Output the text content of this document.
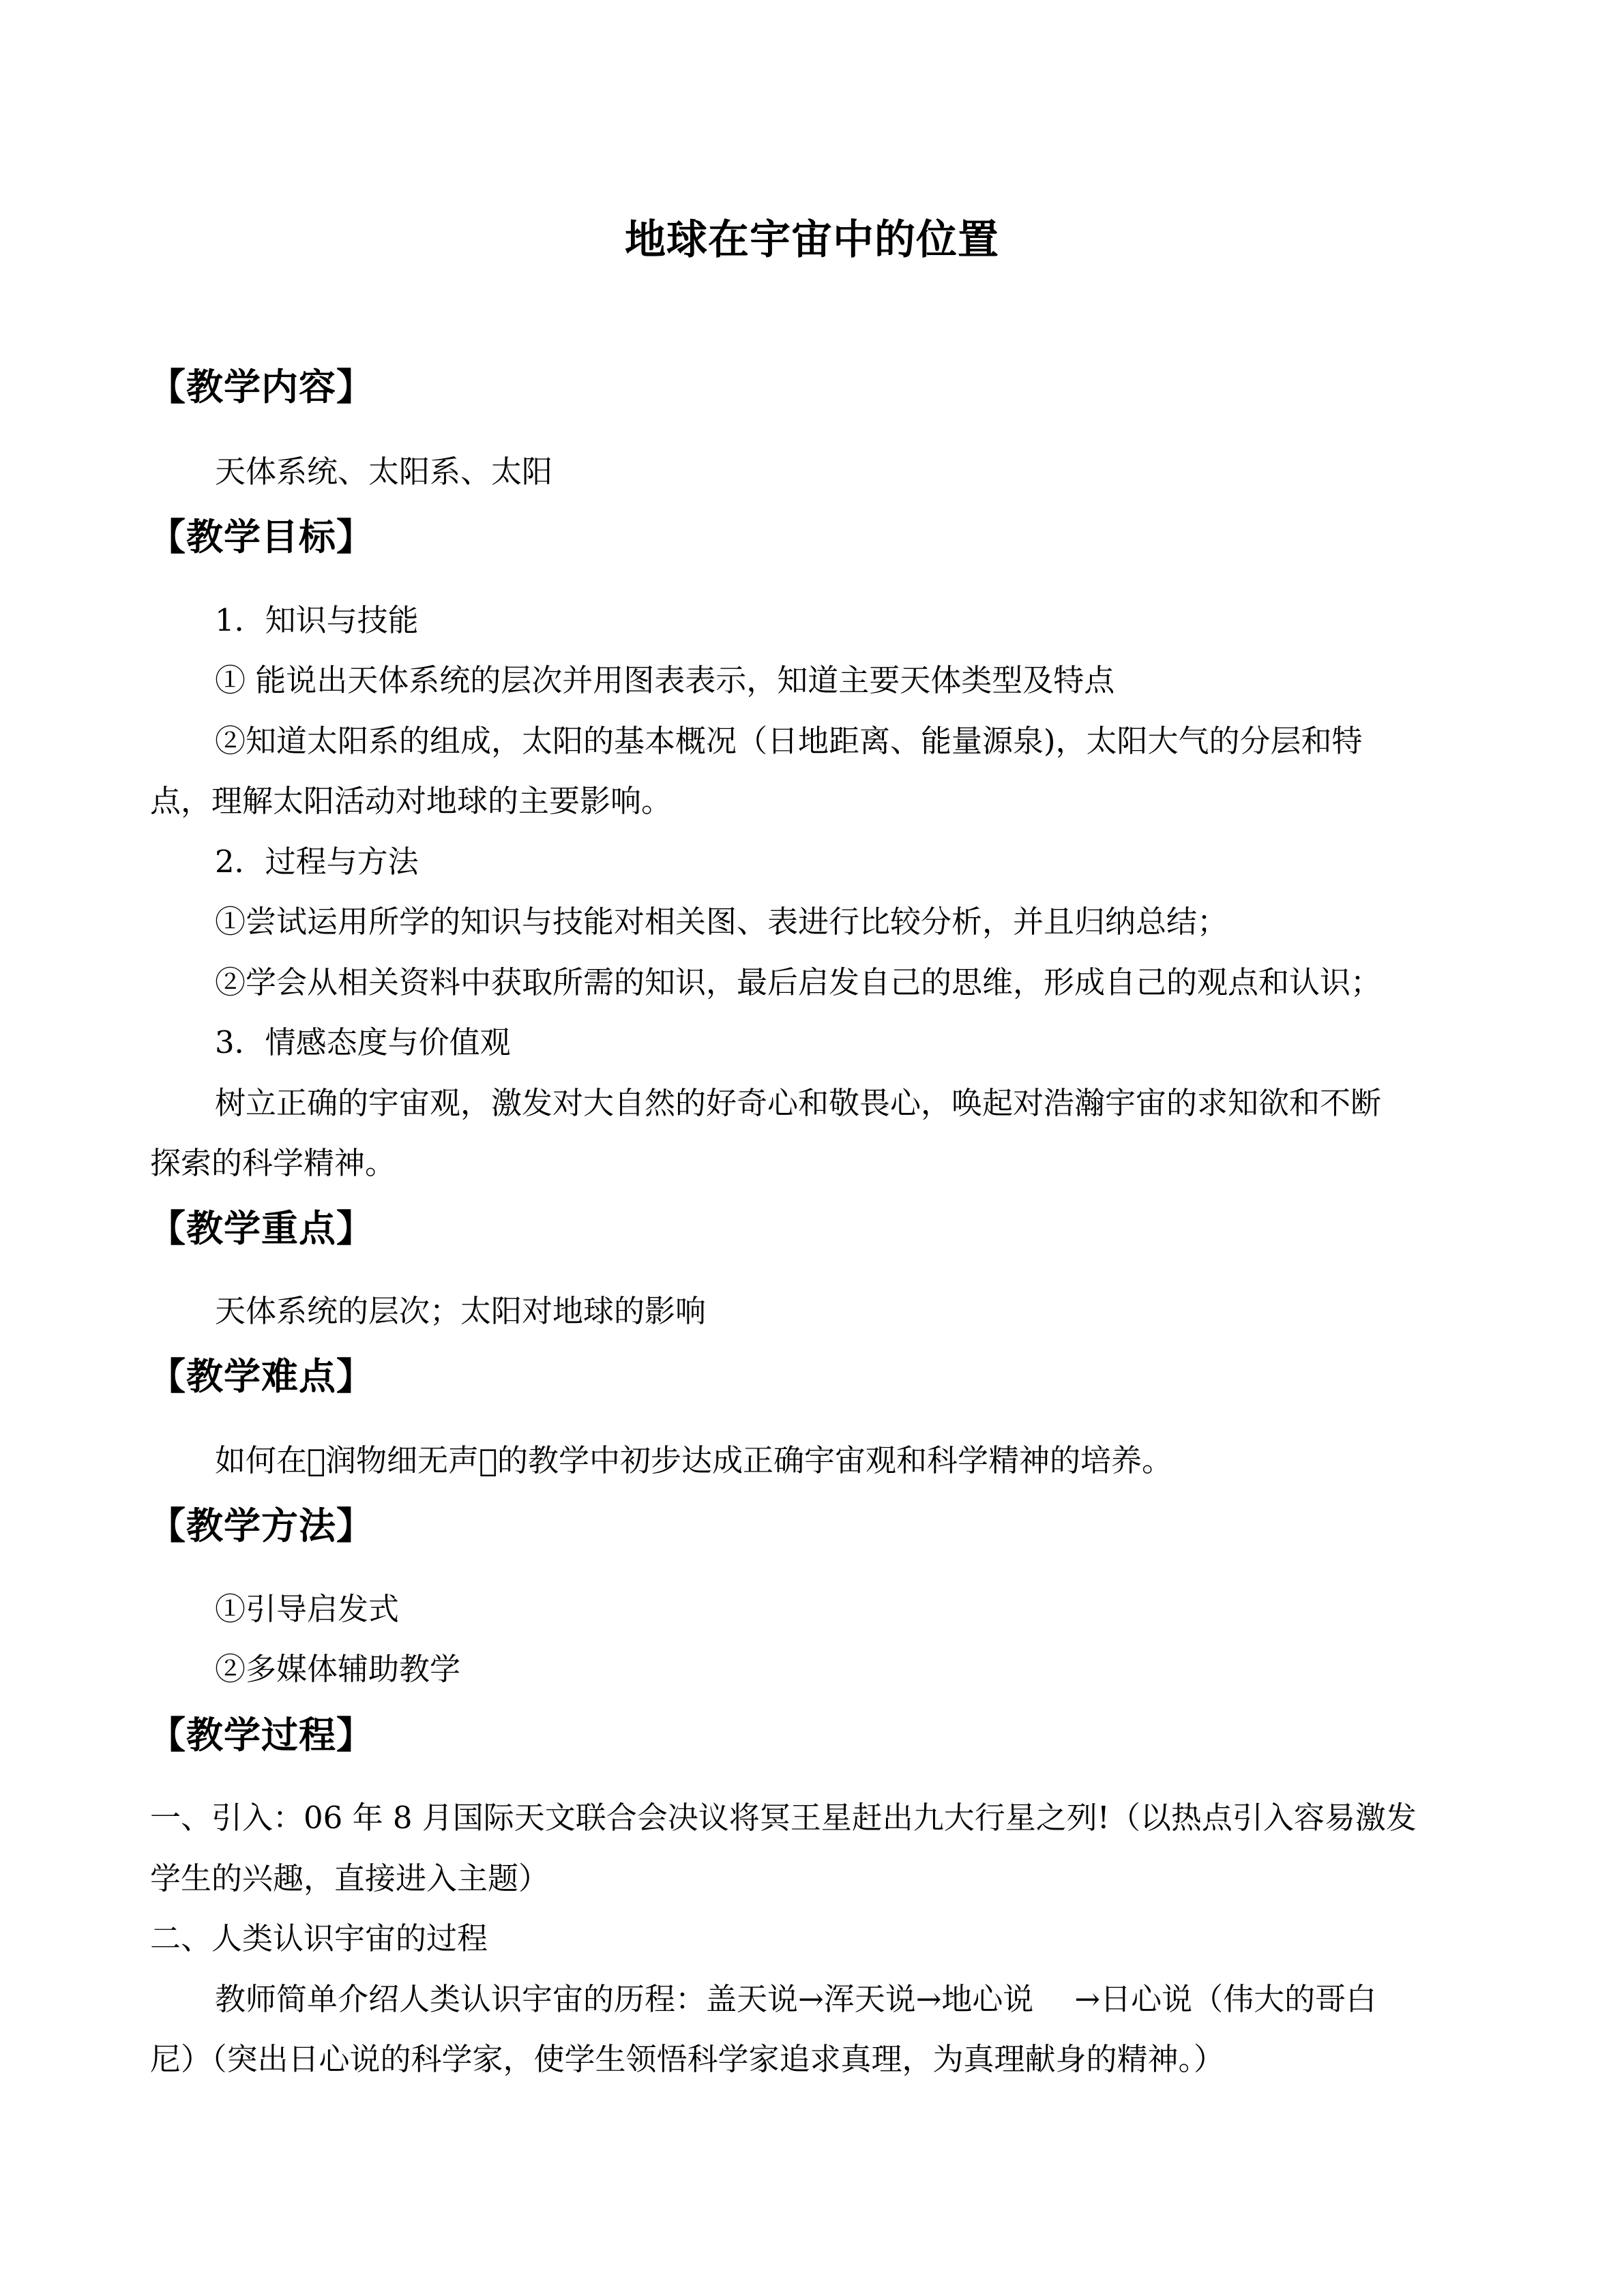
地球在宇宙中的位置
【教学内容】
天体系统、太阳系、太阳
【教学目标】
1．知识与技能
① 能说出天体系统的层次并用图表表示，知道主要天体类型及特点
②知道太阳系的组成，太阳的基本概况（日地距离、能量源泉)，太阳大气的分层和特
点，理解太阳活动对地球的主要影响。
2．过程与方法
①尝试运用所学的知识与技能对相关图、表进行比较分析，并且归纳总结；
②学会从相关资料中获取所需的知识，最后启发自己的思维，形成自己的观点和认识；
3．情感态度与价值观
树立正确的宇宙观，激发对大自然的好奇心和敬畏心，唤起对浩瀚宇宙的求知欲和不断
探索的科学精神。
【教学重点】
天体系统的层次；太阳对地球的影响
【教学难点】
如何在􀀀润物细无声􀀀的教学中初步达成正确宇宙观和科学精神的培养。
【教学方法】
①引导启发式
②多媒体辅助教学
【教学过程】
一、引入：06 年 8 月国际天文联合会决议将冥王星赶出九大行星之列!（以热点引入容易激发
学生的兴趣，直接进入主题）
二、人类认识宇宙的过程
教师简单介绍人类认识宇宙的历程：盖天说→浑天说→地心说 →日心说（伟大的哥白
尼）（突出日心说的科学家，使学生领悟科学家追求真理，为真理献身的精神。）
